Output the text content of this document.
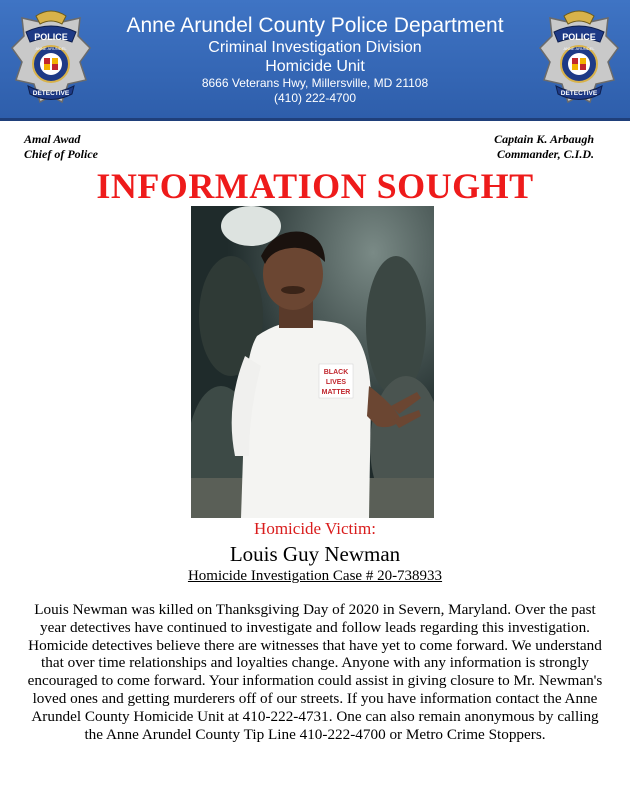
POLICE
ANNE ARUNDEL
DETECTIVE
Anne Arundel County Police Department
Criminal Investigation Division
Homicide Unit
8666 Veterans Hwy, Millersville, MD 21108
(410) 222-4700
POLICE
ANNE ARUNDEL
DETECTIVE
Amal Awad
Chief of Police
Captain K. Arbaugh
Commander, C.I.D.
INFORMATION SOUGHT
BLACK
LIVES
MATTER
Homicide Victim:
Louis Guy Newman
Homicide Investigation Case # 20-738933
Louis Newman was killed on Thanksgiving Day of 2020 in Severn, Maryland. Over the past year detectives have continued to investigate and follow leads regarding this investigation. Homicide detectives believe there are witnesses that have yet to come forward. We understand that over time relationships and loyalties change. Anyone with any information is strongly encouraged to come forward. Your information could assist in giving closure to Mr. Newman's loved ones and getting murderers off of our streets. If you have information contact the Anne Arundel County Homicide Unit at 410-222-4731. One can also remain anonymous by calling the Anne Arundel County Tip Line 410-222-4700 or Metro Crime Stoppers.
